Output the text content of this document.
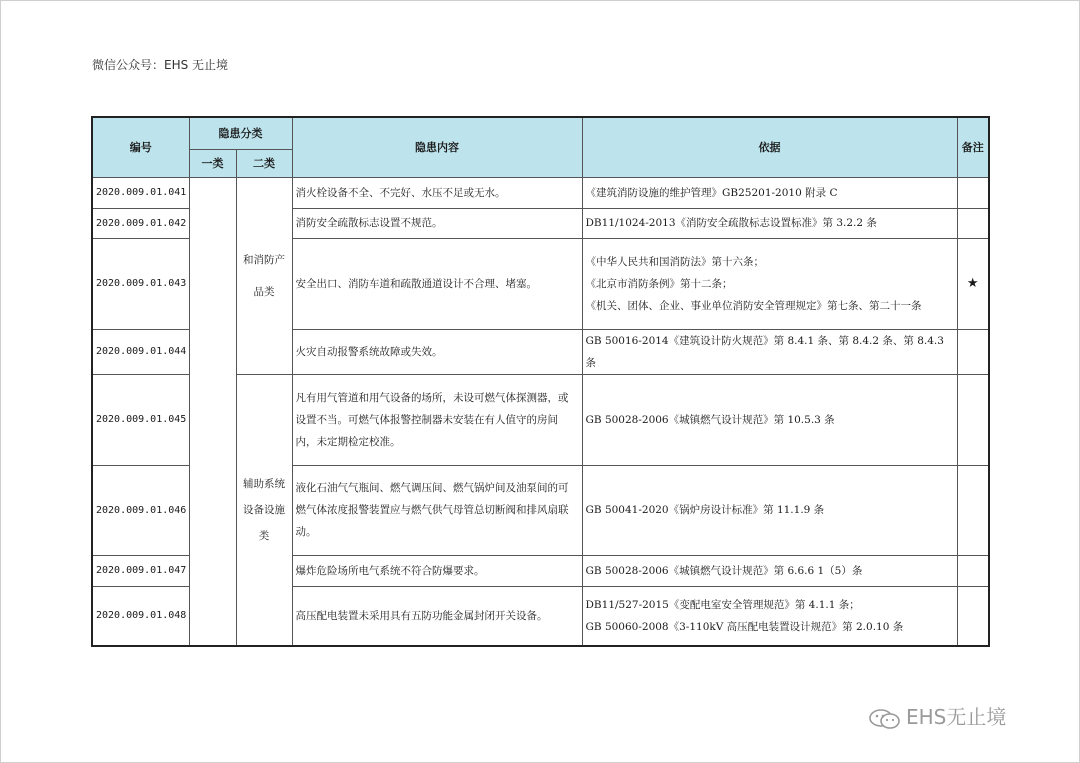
微信公众号：EHS 无止境
编号	隐患分类		隐患内容	依据	备注
	一类	二类			
2020.009.01.041		和消防产品类	消火栓设备不全、不完好、水压不足或无水。	《建筑消防设施的维护管理》GB25201-2010 附录 C	

2020.009.01.042			消防安全疏散标志设置不规范。	DB11/1024-2013《消防安全疏散标志设置标准》第 3.2.2 条	

2020.009.01.043			安全出口、消防车道和疏散通道设计不合理、堵塞。	《中华人民共和国消防法》第十六条；
《北京市消防条例》第十二条；
《机关、团体、企业、事业单位消防安全管理规定》第七条、第二十一条	★
2020.009.01.044			火灾自动报警系统故障或失效。	GB 50016-2014《建筑设计防火规范》第 8.4.1 条、第 8.4.2 条、第 8.4.3 条	

2020.009.01.045		辅助系统设备设施类	凡有用气管道和用气设备的场所，未设可燃气体探测器，或设置不当。可燃气体报警控制器未安装在有人值守的房间内，未定期检定校准。	GB 50028-2006《城镇燃气设计规范》第 10.5.3 条	

2020.009.01.046			液化石油气气瓶间、燃气调压间、燃气锅炉间及油泵间的可燃气体浓度报警装置应与燃气供气母管总切断阀和排风扇联动。	GB 50041-2020《锅炉房设计标准》第 11.1.9 条	

2020.009.01.047			爆炸危险场所电气系统不符合防爆要求。	GB 50028-2006《城镇燃气设计规范》第 6.6.6 1（5）条	

2020.009.01.048			高压配电装置未采用具有五防功能金属封闭开关设备。	DB11/527-2015《变配电室安全管理规范》第 4.1.1 条；
GB 50060-2008《3-110kV 高压配电装置设计规范》第 2.0.10 条	

EHS无止境
